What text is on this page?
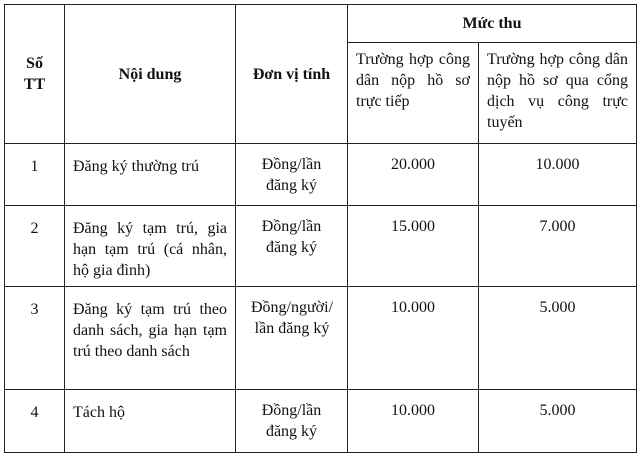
Số TT	Nội dung	Đơn vị tính	Mức thu	

			Trường hợp công dân nộp hồ sơ trực tiếp	Trường hợp công dân nộp hồ sơ qua cổng dịch vụ công trực tuyến

1	Đăng ký thường trú	Đồng/lần đăng ký	20.000	10.000
2	Đăng ký tạm trú, gia hạn tạm trú (cá nhân, hộ gia đình)	Đồng/lần đăng ký	15.000	7.000
3	Đăng ký tạm trú theo danh sách, gia hạn tạm trú theo danh sách	Đồng/người/ lần đăng ký	10.000	5.000
4	Tách hộ	Đồng/lần đăng ký	10.000	5.000
